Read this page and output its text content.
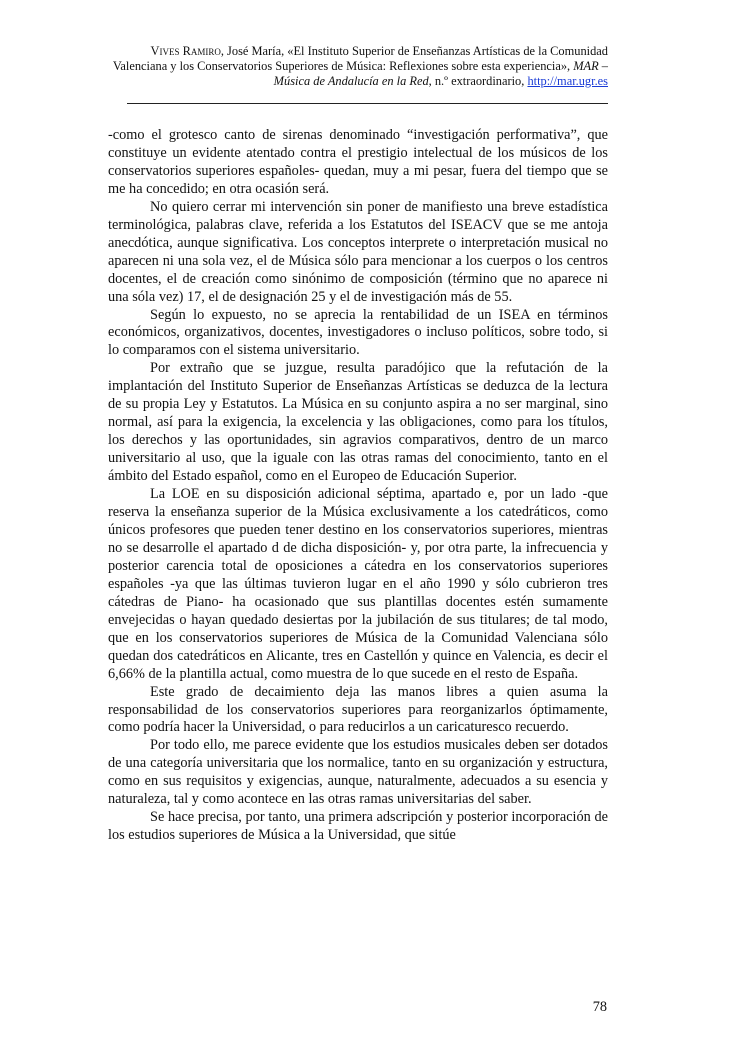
Vives Ramiro, José María, «El Instituto Superior de Enseñanzas Artísticas de la Comunidad Valenciana y los Conservatorios Superiores de Música: Reflexiones sobre esta experiencia», MAR –Música de Andalucía en la Red, n.º extraordinario, http://mar.ugr.es

-como el grotesco canto de sirenas denominado “investigación performativa”, que constituye un evidente atentado contra el prestigio intelectual de los músicos de los conservatorios superiores españoles- quedan, muy a mi pesar, fuera del tiempo que se me ha concedido; en otra ocasión será.

No quiero cerrar mi intervención sin poner de manifiesto una breve estadística terminológica, palabras clave, referida a los Estatutos del ISEACV que se me antoja anecdótica, aunque significativa. Los conceptos interprete o interpretación musical no aparecen ni una sola vez, el de Música sólo para mencionar a los cuerpos o los centros docentes, el de creación como sinónimo de composición (término que no aparece ni una sóla vez) 17, el de designación 25 y el de investigación más de 55.

Según lo expuesto, no se aprecia la rentabilidad de un ISEA en términos económicos, organizativos, docentes, investigadores o incluso políticos, sobre todo, si lo comparamos con el sistema universitario.

Por extraño que se juzgue, resulta paradójico que la refutación de la implantación del Instituto Superior de Enseñanzas Artísticas se deduzca de la lectura de su propia Ley y Estatutos. La Música en su conjunto aspira a no ser marginal, sino normal, así para la exigencia, la excelencia y las obligaciones, como para los títulos, los derechos y las oportunidades, sin agravios comparativos, dentro de un marco universitario al uso, que la iguale con las otras ramas del conocimiento, tanto en el ámbito del Estado español, como en el Europeo de Educación Superior.

La LOE en su disposición adicional séptima, apartado e, por un lado -que reserva la enseñanza superior de la Música exclusivamente a los catedráticos, como únicos profesores que pueden tener destino en los conservatorios superiores, mientras no se desarrolle el apartado d de dicha disposición- y, por otra parte, la infrecuencia y posterior carencia total de oposiciones a cátedra en los conservatorios superiores españoles -ya que las últimas tuvieron lugar en el año 1990 y sólo cubrieron tres cátedras de Piano- ha ocasionado que sus plantillas docentes estén sumamente envejecidas o hayan quedado desiertas por la jubilación de sus titulares; de tal modo, que en los conservatorios superiores de Música de la Comunidad Valenciana sólo quedan dos catedráticos en Alicante, tres en Castellón y quince en Valencia, es decir el 6,66% de la plantilla actual, como muestra de lo que sucede en el resto de España.

Este grado de decaimiento deja las manos libres a quien asuma la responsabilidad de los conservatorios superiores para reorganizarlos óptimamente, como podría hacer la Universidad, o para reducirlos a un caricaturesco recuerdo.

Por todo ello, me parece evidente que los estudios musicales deben ser dotados de una categoría universitaria que los normalice, tanto en su organización y estructura, como en sus requisitos y exigencias, aunque, naturalmente, adecuados a su esencia y naturaleza, tal y como acontece en las otras ramas universitarias del saber.

Se hace precisa, por tanto, una primera adscripción y posterior incorporación de los estudios superiores de Música a la Universidad, que sitúe

78
